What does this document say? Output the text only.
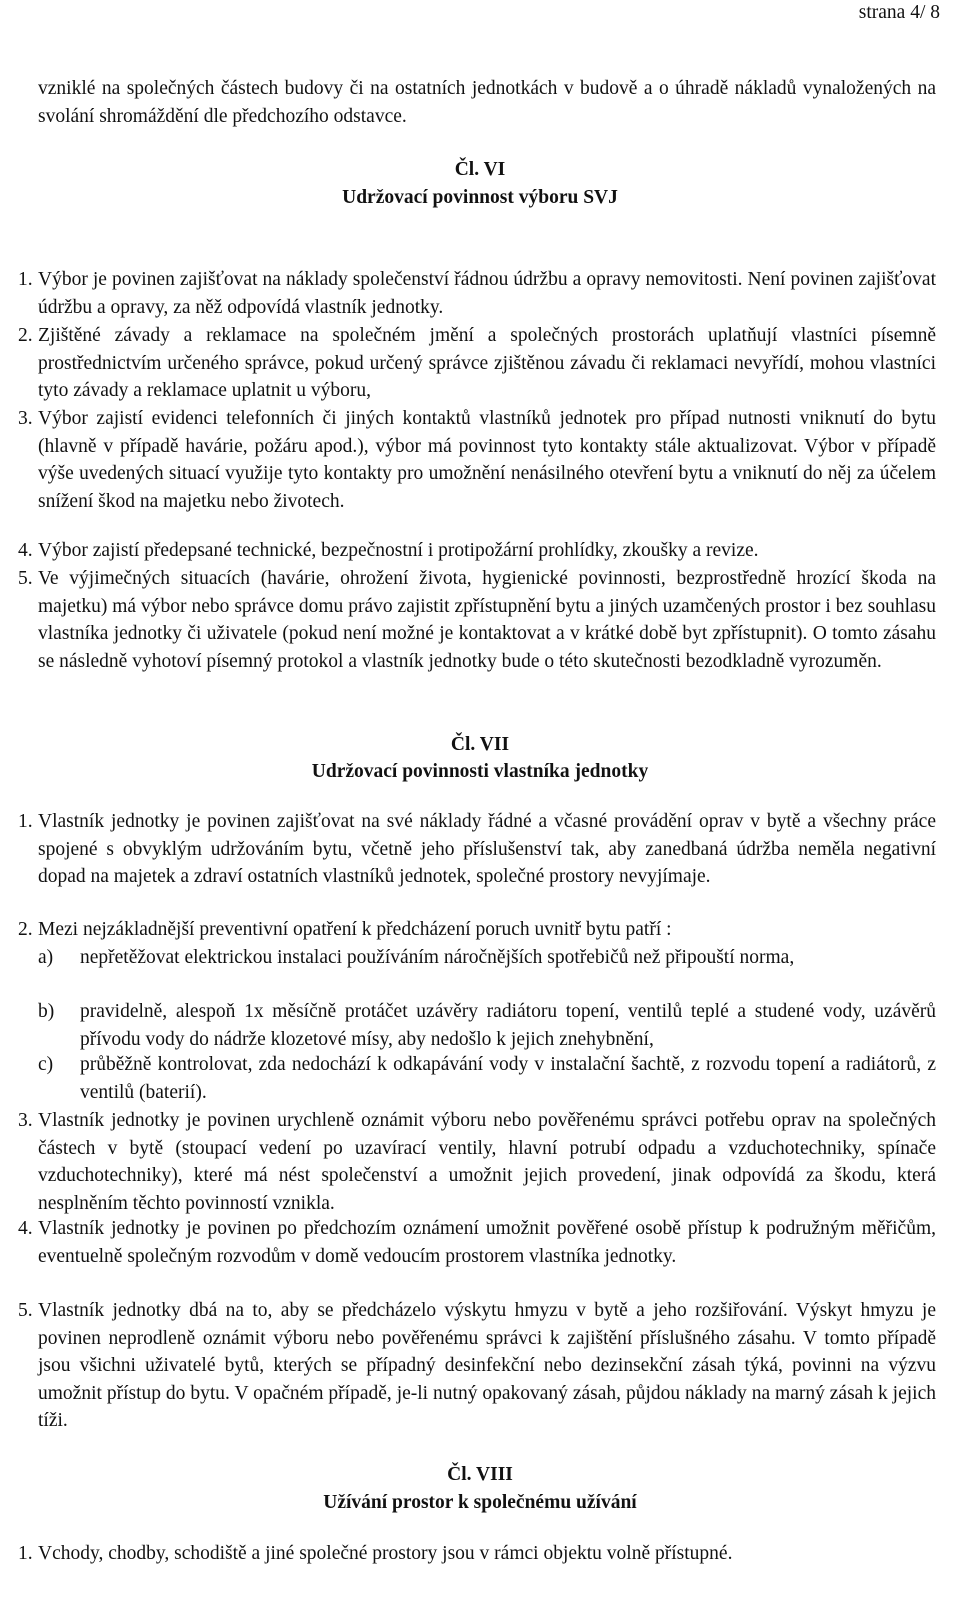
strana 4/ 8
vzniklé na společných částech budovy či na ostatních jednotkách v budově a o úhradě nákladů vynaložených na svolání shromáždění dle předchozího odstavce.
Čl. VI
Udržovací povinnost výboru SVJ
1. Výbor je povinen zajišťovat na náklady společenství řádnou údržbu a opravy nemovitosti. Není povinen zajišťovat údržbu a opravy, za něž odpovídá vlastník jednotky.
2. Zjištěné závady a reklamace na společném jmění a společných prostorách uplatňují vlastníci písemně prostřednictvím určeného správce, pokud určený správce zjištěnou závadu či reklamaci nevyřídí, mohou vlastníci tyto závady a reklamace uplatnit u výboru,
3. Výbor zajistí evidenci telefonních či jiných kontaktů vlastníků jednotek pro případ nutnosti vniknutí do bytu (hlavně v případě havárie, požáru apod.), výbor má povinnost tyto kontakty stále aktualizovat. Výbor v případě výše uvedených situací využije tyto kontakty pro umožnění nenásilného otevření bytu a vniknutí do něj za účelem snížení škod na majetku nebo životech.
4. Výbor zajistí předepsané technické, bezpečnostní i protipožární prohlídky, zkoušky a revize.
5. Ve výjimečných situacích (havárie, ohrožení života, hygienické povinnosti, bezprostředně hrozící škoda na majetku) má výbor nebo správce domu právo zajistit zpřístupnění bytu a jiných uzamčených prostor i bez souhlasu vlastníka jednotky či uživatele (pokud není možné je kontaktovat a v krátké době byt zpřístupnit). O tomto zásahu se následně vyhotoví písemný protokol a vlastník jednotky bude o této skutečnosti bezodkladně vyrozuměn.
Čl. VII
Udržovací povinnosti vlastníka jednotky
1. Vlastník jednotky je povinen zajišťovat na své náklady řádné a včasné provádění oprav v bytě a všechny práce spojené s obvyklým udržováním bytu, včetně jeho příslušenství tak, aby zanedbaná údržba neměla negativní dopad na majetek a zdraví ostatních vlastníků jednotek, společné prostory nevyjímaje.
2. Mezi nejzákladnější preventivní opatření k předcházení poruch uvnitř bytu patří :
a) nepřetěžovat elektrickou instalaci používáním náročnějších spotřebičů než připouští norma,
b) pravidelně, alespoň 1x měsíčně protáčet uzávěry radiátoru topení, ventilů teplé a studené vody, uzávěrů přívodu vody do nádrže klozetové mísy, aby nedošlo k jejich znehybnění,
c) průběžně kontrolovat, zda nedochází k odkapávání vody v instalační šachtě, z rozvodu topení a radiátorů, z ventilů (baterií).
3. Vlastník jednotky je povinen urychleně oznámit výboru nebo pověřenému správci potřebu oprav na společných částech v bytě (stoupací vedení po uzavírací ventily, hlavní potrubí odpadu a vzduchotechniky, spínače vzduchotechniky), které má nést společenství a umožnit jejich provedení, jinak odpovídá za škodu, která nesplněním těchto povinností vznikla.
4. Vlastník jednotky je povinen po předchozím oznámení umožnit pověřené osobě přístup k podružným měřičům, eventuelně společným rozvodům v domě vedoucím prostorem vlastníka jednotky.
5. Vlastník jednotky dbá na to, aby se předcházelo výskytu hmyzu v bytě a jeho rozšiřování. Výskyt hmyzu je povinen neprodleně oznámit výboru nebo pověřenému správci k zajištění příslušného zásahu. V tomto případě jsou všichni uživatelé bytů, kterých se případný desinfekční nebo dezinsekční zásah týká, povinni na výzvu umožnit přístup do bytu. V opačném případě, je-li nutný opakovaný zásah, půjdou náklady na marný zásah k jejich tíži.
Čl. VIII
Užívání prostor k společnému užívání
1. Vchody, chodby, schodiště a jiné společné prostory jsou v rámci objektu volně přístupné.
